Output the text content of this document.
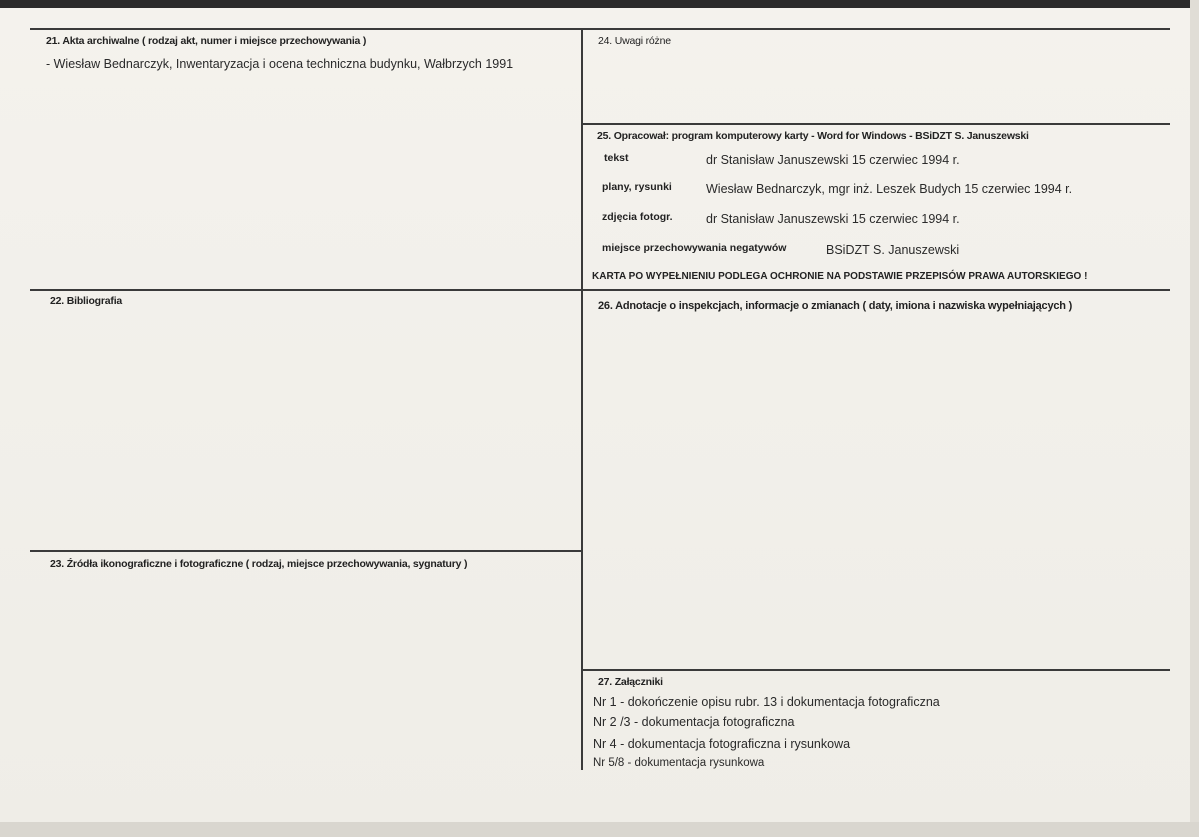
21. Akta archiwalne ( rodzaj akt, numer i miejsce przechowywania )
- Wiesław Bednarczyk, Inwentaryzacja i ocena techniczna budynku, Wałbrzych 1991
22. Bibliografia
23. Źródła ikonograficzne i fotograficzne ( rodzaj, miejsce przechowywania, sygnatury )
24. Uwagi różne
25. Opracował: program komputerowy karty - Word for Windows - BSiDZT S. Januszewski
tekst	dr Stanisław Januszewski 15 czerwiec 1994 r.
plany, rysunki	Wiesław Bednarczyk, mgr inż. Leszek Budych 15 czerwiec 1994 r.
zdjęcia fotogr.	dr Stanisław Januszewski 15 czerwiec 1994 r.
miejsce przechowywania negatywów	BSiDZT S. Januszewski
KARTA PO WYPEŁNIENIU PODLEGA OCHRONIE NA PODSTAWIE PRZEPISÓW PRAWA AUTORSKIEGO !
26. Adnotacje o inspekcjach, informacje o zmianach ( daty, imiona i nazwiska wypełniających )
27. Załączniki
Nr 1 - dokończenie opisu rubr. 13 i dokumentacja fotograficzna
Nr 2 /3 - dokumentacja fotograficzna
Nr 4 - dokumentacja fotograficzna i rysunkowa
Nr 5/8 - dokumentacja rysunkowa
